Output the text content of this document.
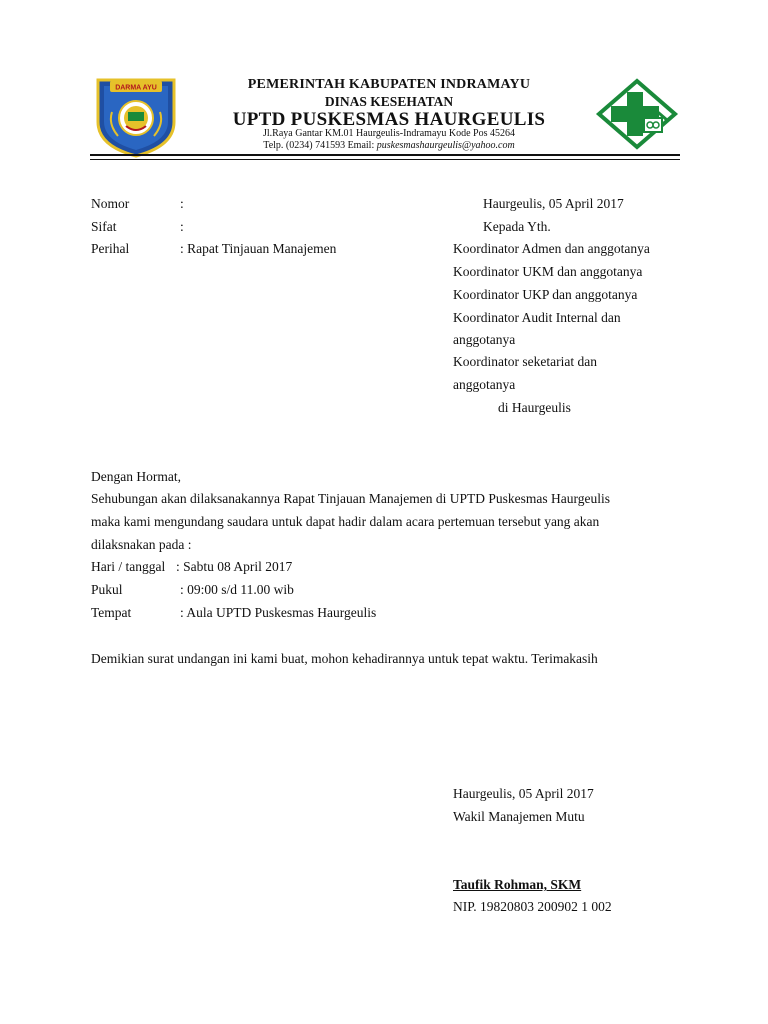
DARMA AYU	PEMERINTAH KABUPATEN INDRAMAYU
DINAS KESEHATAN
UPTD PUSKESMAS HAURGEULIS
Jl.Raya Gantar KM.01 Haurgeulis-Indramayu Kode Pos 45264
Telp. (0234) 741593 Email: puskesmashaurgeulis@yahoo.com
Nomor	:
Sifat	:
Perihal	: Rapat Tinjauan Manajemen
Haurgeulis, 05 April 2017
Kepada Yth.
Koordinator Admen dan anggotanya
Koordinator UKM dan anggotanya
Koordinator UKP dan anggotanya
Koordinator Audit Internal dan
anggotanya
Koordinator seketariat dan
anggotanya
di Haurgeulis
Dengan Hormat,
Sehubungan akan dilaksanakannya Rapat Tinjauan Manajemen di UPTD Puskesmas Haurgeulis
maka kami mengundang saudara untuk dapat hadir dalam acara pertemuan tersebut yang akan
dilaksnakan pada :
Hari / tanggal : Sabtu 08 April 2017
Pukul	: 09:00 s/d 11.00 wib
Tempat	: Aula UPTD Puskesmas Haurgeulis
Demikian surat undangan ini kami buat, mohon kehadirannya untuk tepat waktu. Terimakasih
Haurgeulis, 05 April 2017
Wakil Manajemen Mutu
Taufik Rohman, SKM
NIP. 19820803 200902 1 002
